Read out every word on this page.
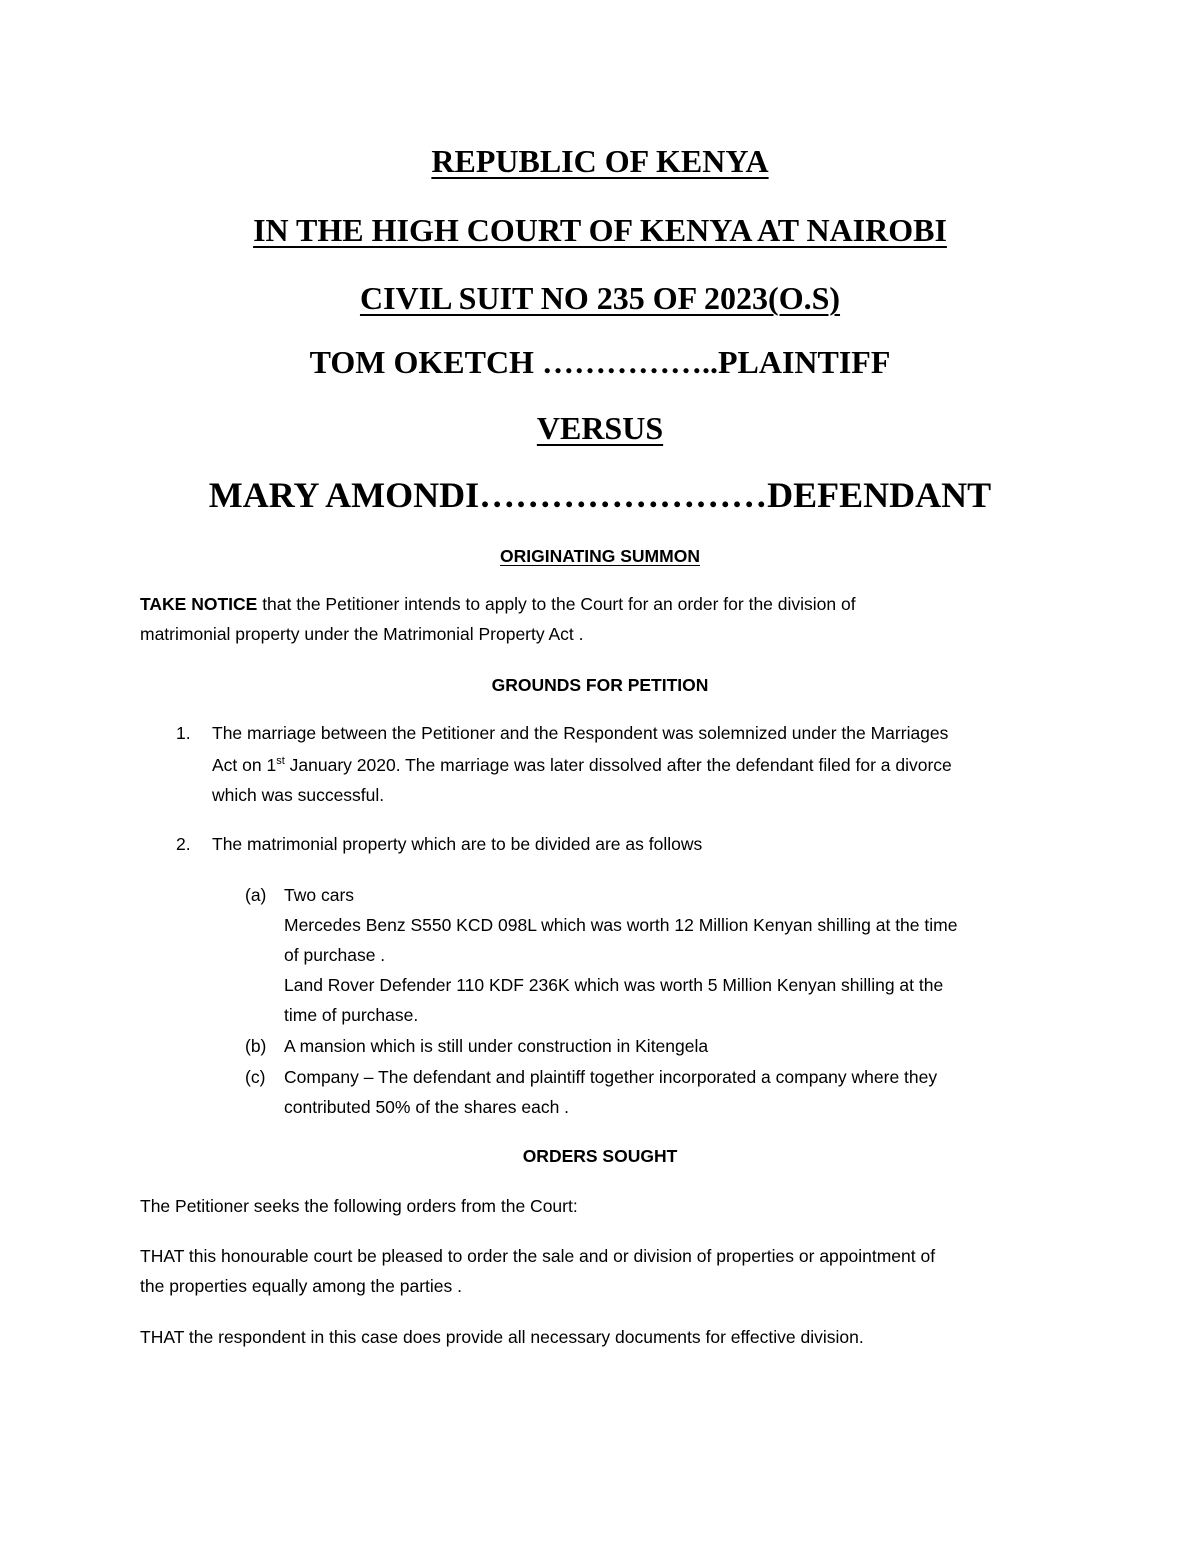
REPUBLIC OF KENYA
IN THE HIGH COURT OF KENYA AT NAIROBI
CIVIL SUIT NO 235 OF 2023(O.S)
TOM OKETCH ……………..PLAINTIFF
VERSUS
MARY AMONDI……………………DEFENDANT
ORIGINATING SUMMON
TAKE NOTICE that the Petitioner intends to apply to the Court for an order for the division of
matrimonial property under the Matrimonial Property Act .
GROUNDS FOR PETITION
1. The marriage between the Petitioner and the Respondent was solemnized under the Marriages
Act on 1st January 2020. The marriage was later dissolved after the defendant filed for a divorce
which was successful.
2. The matrimonial property which are to be divided are as follows
(a) Two cars
Mercedes Benz S550 KCD 098L which was worth 12 Million Kenyan shilling at the time
of purchase .
Land Rover Defender 110 KDF 236K which was worth 5 Million Kenyan shilling at the
time of purchase.
(b) A mansion which is still under construction in Kitengela
(c) Company – The defendant and plaintiff together incorporated a company where they
contributed 50% of the shares each .
ORDERS SOUGHT
The Petitioner seeks the following orders from the Court:
THAT this honourable court be pleased to order the sale and or division of properties or appointment of
the properties equally among the parties .
THAT the respondent in this case does provide all necessary documents for effective division.
